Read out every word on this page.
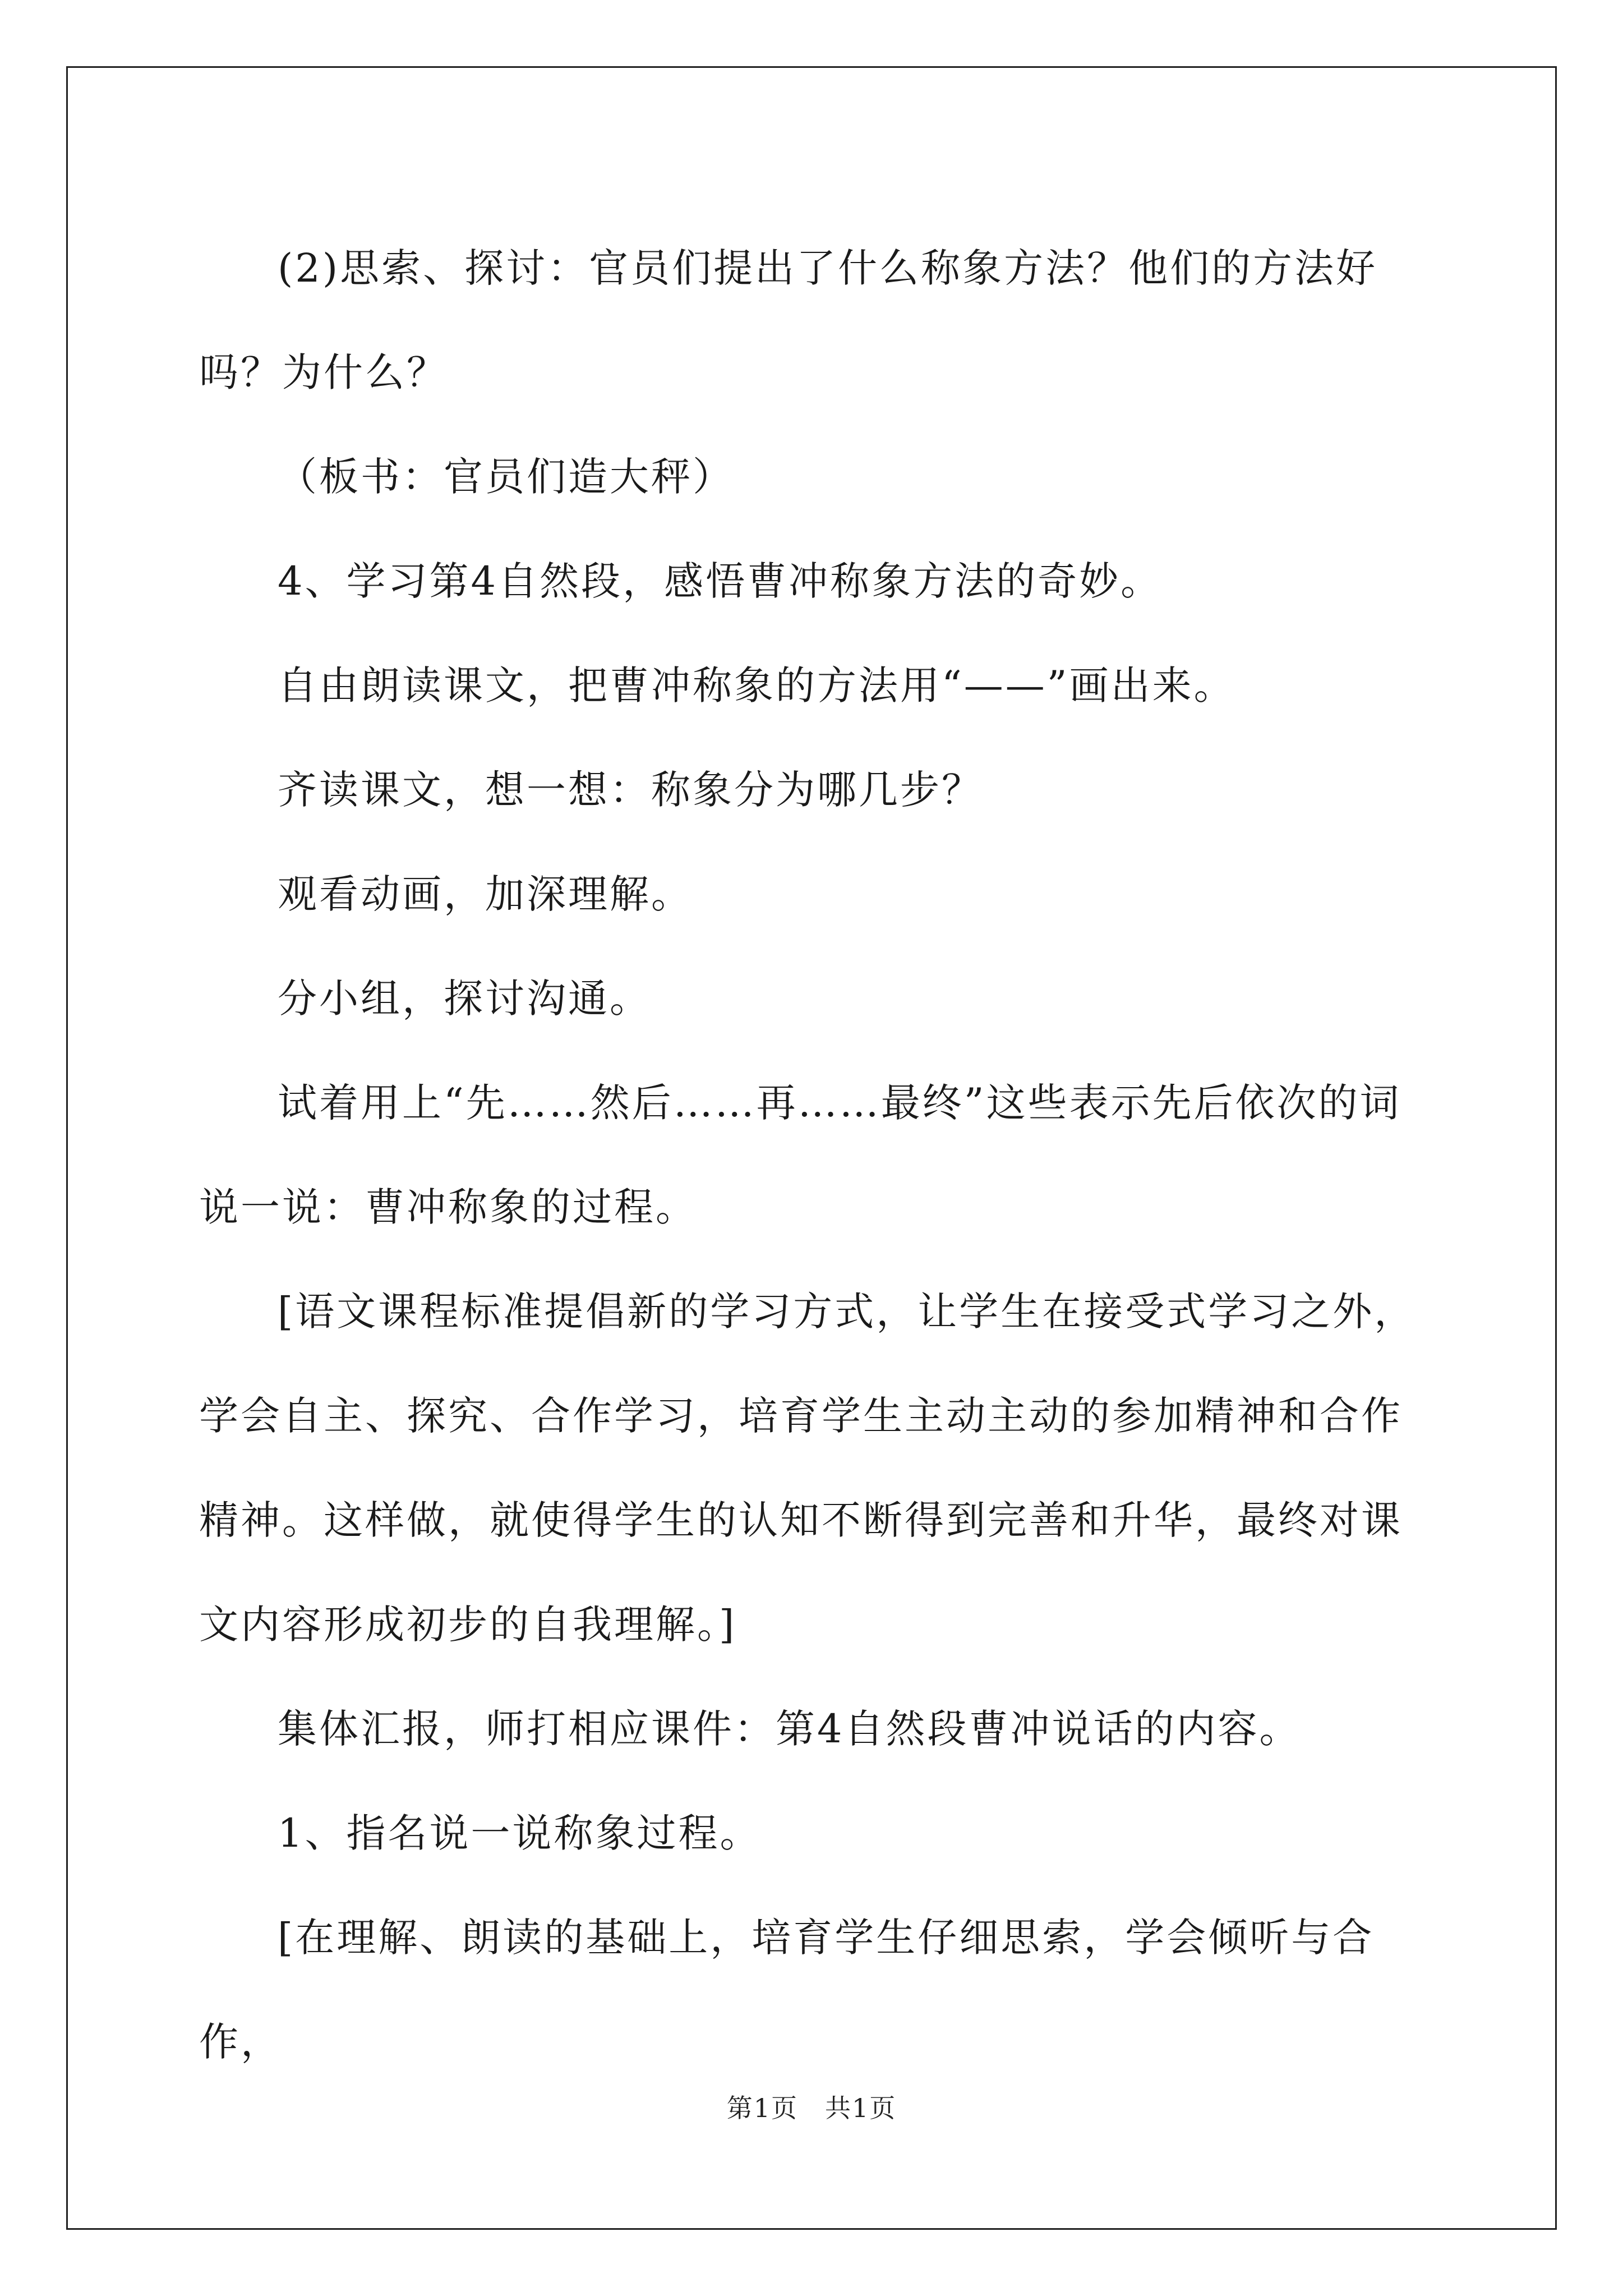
(2)思索、探讨：官员们提出了什么称象方法？他们的方法好吗？为什么？

（板书：官员们造大秤）

4、学习第4自然段，感悟曹冲称象方法的奇妙。

自由朗读课文，把曹冲称象的方法用“——”画出来。

齐读课文，想一想：称象分为哪几步？

观看动画，加深理解。

分小组，探讨沟通。

试着用上“先……然后……再……最终”这些表示先后依次的词说一说：曹冲称象的过程。

[语文课程标准提倡新的学习方式，让学生在接受式学习之外，学会自主、探究、合作学习，培育学生主动主动的参加精神和合作精神。这样做，就使得学生的认知不断得到完善和升华，最终对课文内容形成初步的自我理解。]

集体汇报，师打相应课件：第4自然段曹冲说话的内容。

1、指名说一说称象过程。

[在理解、朗读的基础上，培育学生仔细思索，学会倾听与合作，

第1页　共1页
